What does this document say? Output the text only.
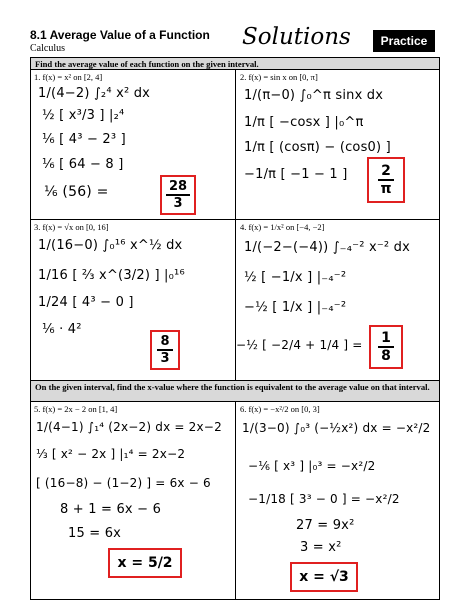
8.1 Average Value of a Function
Calculus	Solutions	Practice
Find the average value of each function on the given interval.
On the given interval, find the x-value where the function is equivalent to the average value on that interval.
1. f(x) = x² on [2, 4]
1/(4−2) ∫₂⁴ x² dx
½ [ x³/3 ] |₂⁴
⅙ [ 4³ − 2³ ]
⅙ [ 64 − 8 ]
⅙ (56) =	$\frac{28}{3}$
2. f(x) = sin x on [0, π]
1/(π−0) ∫₀^π sinx dx
1/π [ −cosx ] |₀^π
1/π [ (cosπ) − (cos0) ]
−1/π [ −1 − 1 ] $\frac{2}{\pi}$
3. f(x) = √x on [0, 16]
1/(16−0) ∫₀¹⁶ x^½ dx
1/16 [ ⅔ x^(3/2) ] |₀¹⁶
1/24 [ 4³ − 0 ]
⅙ · 4²
$\frac{8}{3}$
4. f(x) = 1/x² on [−4, −2]
1/(−2−(−4)) ∫₋₄⁻² x⁻² dx
½ [ −1/x ] |₋₄⁻²
−½ [ 1/x ] |₋₄⁻²
−½ [ −2/4 + 1/4 ] = $\frac{1}{8}$
5. f(x) = 2x − 2 on [1, 4]
1/(4−1) ∫₁⁴ (2x−2) dx = 2x−2
⅓ [ x² − 2x ] |₁⁴ = 2x−2
[ (16−8) − (1−2) ] = 6x − 6
8 + 1 = 6x − 6
15 = 6x
x = 5/2
6. f(x) = −x²/2 on [0, 3]
1/(3−0) ∫₀³ (−½x²) dx = −x²/2
−⅙ [ x³ ] |₀³ = −x²/2
−1/18 [ 3³ − 0 ] = −x²/2
27 = 9x²
3 = x²
x = √3
